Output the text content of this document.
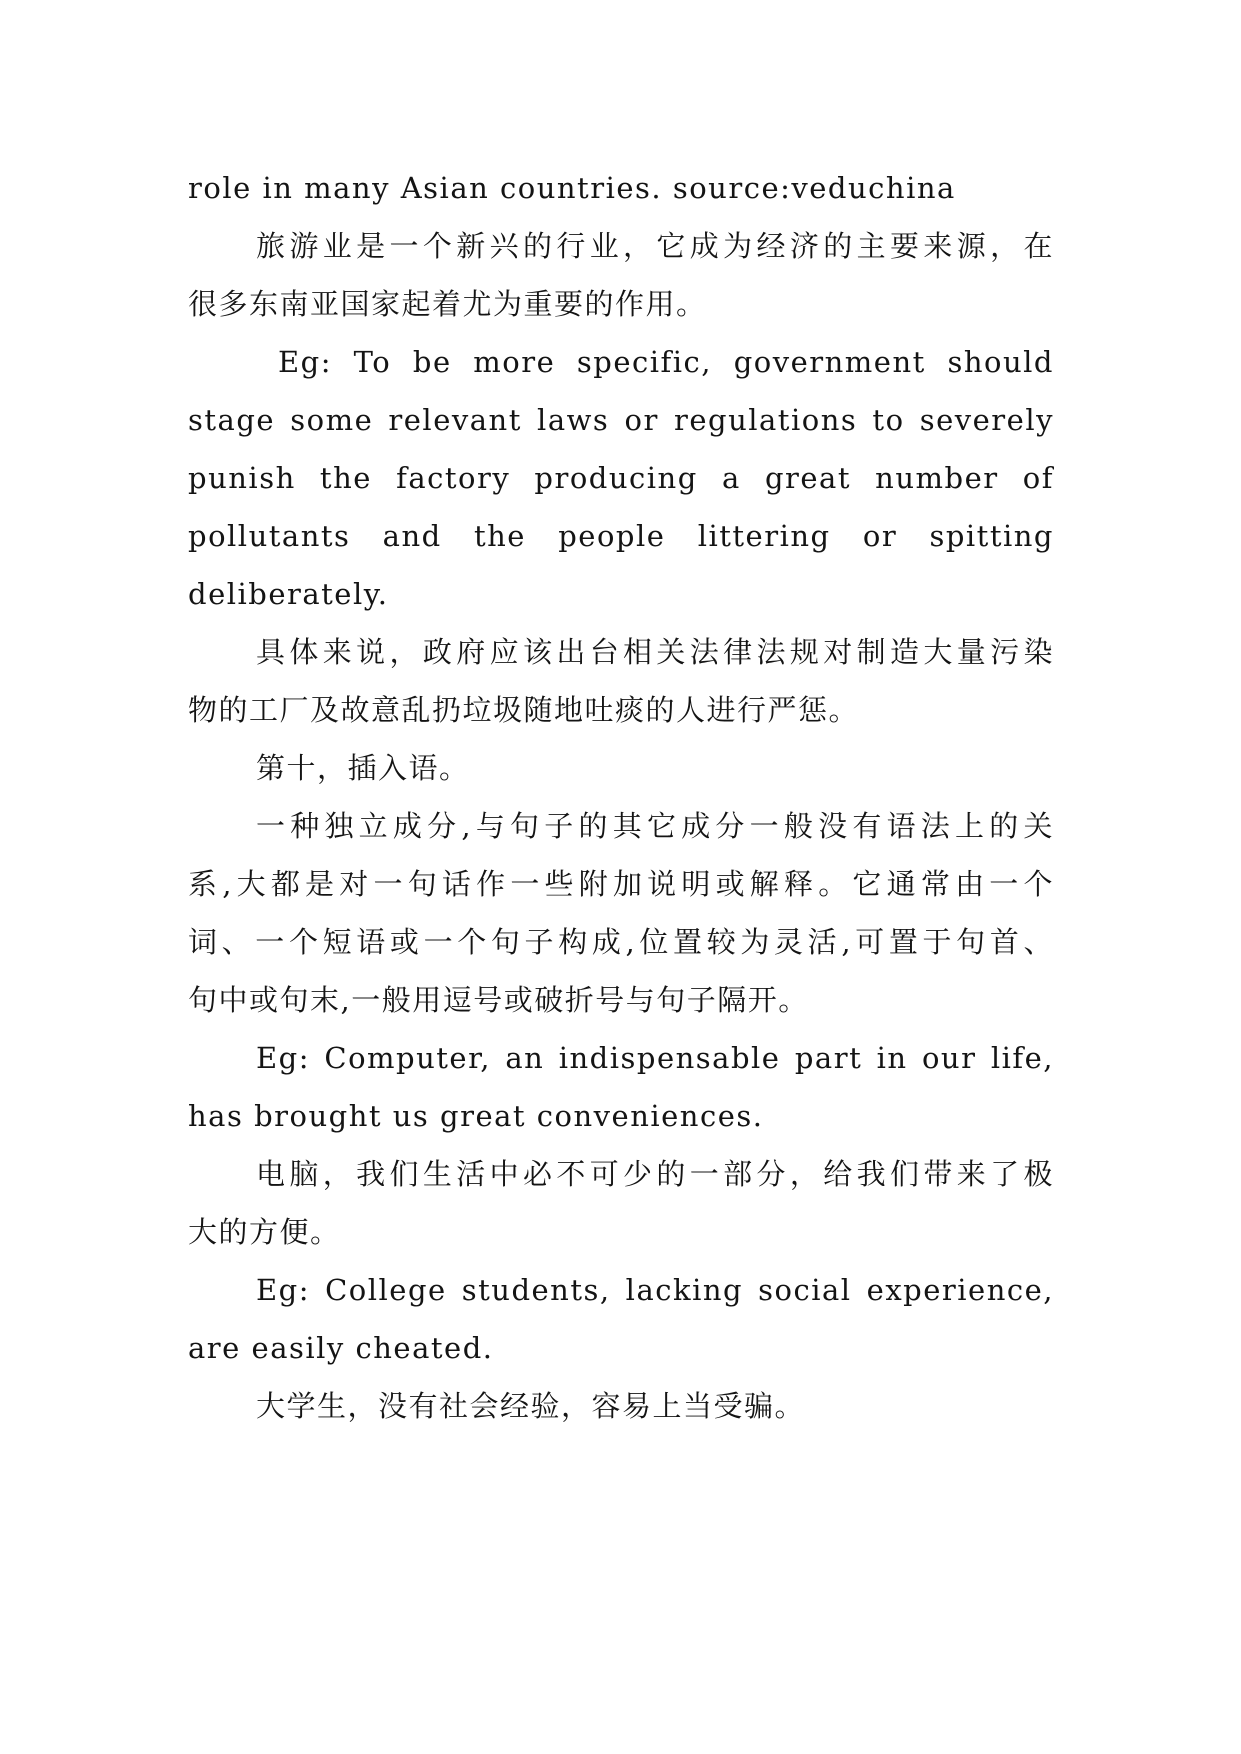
role in many Asian countries. source:veduchina
旅游业是一个新兴的行业，它成为经济的主要来源，在
很多东南亚国家起着尤为重要的作用。
Eg: To be more specific, government should
stage some relevant laws or regulations to severely
punish the factory producing a great number of
pollutants and the people littering or spitting
deliberately.
具体来说，政府应该出台相关法律法规对制造大量污染
物的工厂及故意乱扔垃圾随地吐痰的人进行严惩。
第十，插入语。
一种独立成分,与句子的其它成分一般没有语法上的关
系,大都是对一句话作一些附加说明或解释。它通常由一个
词、一个短语或一个句子构成,位置较为灵活,可置于句首、
句中或句末,一般用逗号或破折号与句子隔开。
Eg: Computer, an indispensable part in our life,
has brought us great conveniences.
电脑，我们生活中必不可少的一部分，给我们带来了极
大的方便。
Eg: College students, lacking social experience,
are easily cheated.
大学生，没有社会经验，容易上当受骗。
